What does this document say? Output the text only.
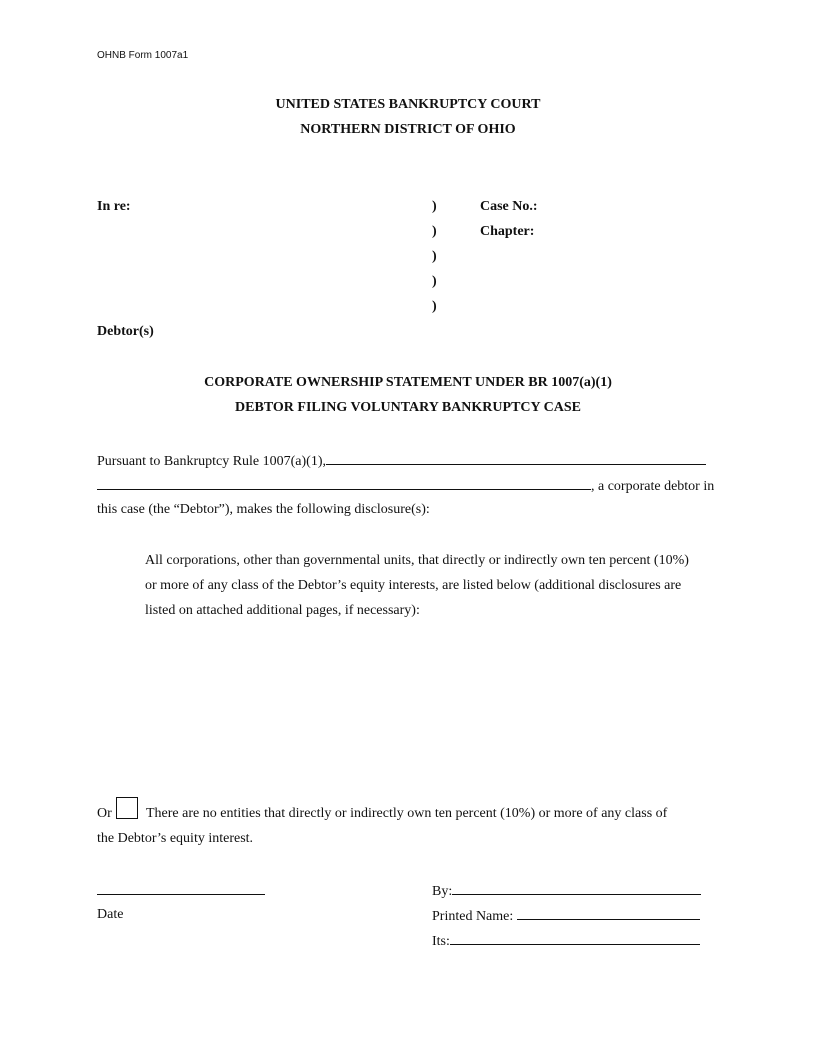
OHNB Form 1007a1
UNITED STATES BANKRUPTCY COURT
NORTHERN DISTRICT OF OHIO
In re:	)
)
)
)
)
Case No.:
Chapter:
Debtor(s)
CORPORATE OWNERSHIP STATEMENT UNDER BR 1007(a)(1)
DEBTOR FILING VOLUNTARY BANKRUPTCY CASE
Pursuant to Bankruptcy Rule 1007(a)(1),
, a corporate debtor in
this case (the “Debtor”), makes the following disclosure(s):
All corporations, other than governmental units, that directly or indirectly own ten percent (10%)
or more of any class of the Debtor’s equity interests, are listed below (additional disclosures are
listed on attached additional pages, if necessary):
Or There are no entities that directly or indirectly own ten percent (10%) or more of any class of
the Debtor’s equity interest.
Date
By:
Printed Name:
Its:
